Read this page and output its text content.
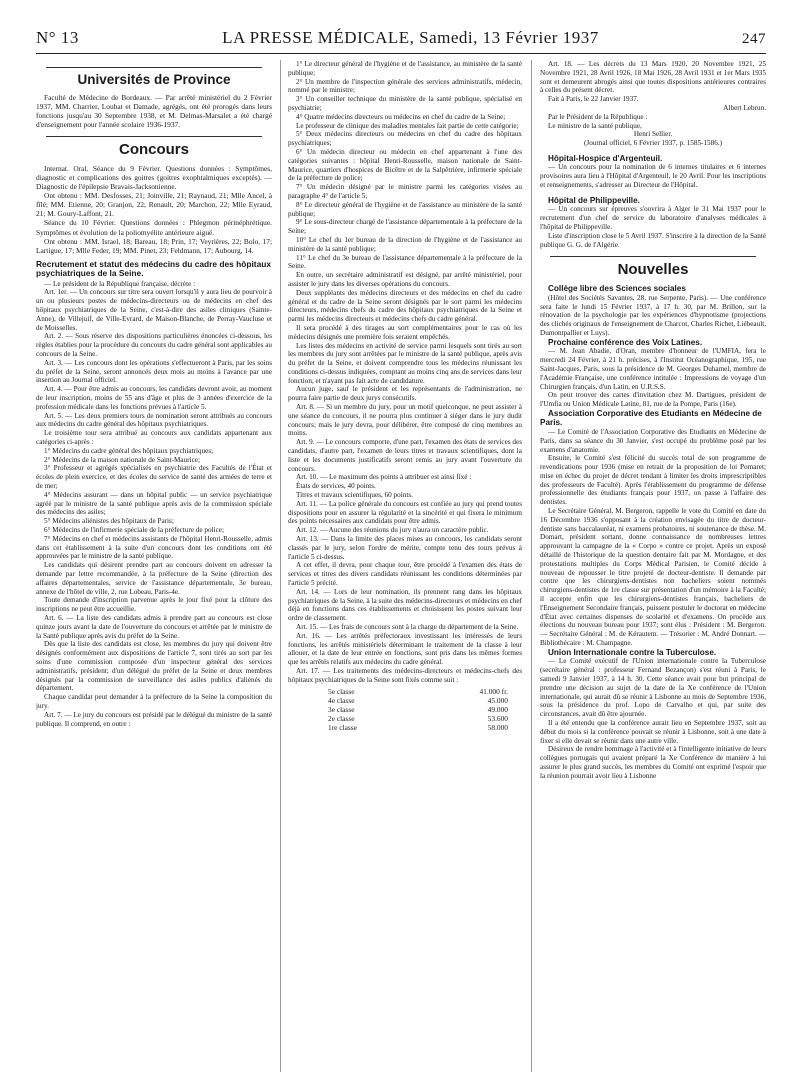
N° 13	LA PRESSE MÉDICALE, Samedi, 13 Février 1937	247
Universités de Province

Faculté de Médecine de Bordeaux. — Par arrêté ministériel du 2 Février 1937, MM. Charrier, Loubat et Damade, agrégés, ont été prorogés dans leurs fonctions jusqu'au 30 Septembre 1938, et M. Delmas-Marsalet a été chargé d'enseignement pour l'année scolaire 1936-1937.

Concours

Internat. Oral. Séance du 9 Février. Questions données : Symptômes, diagnostic et complications des goitres (goitres exophtalmiques exceptés). — Diagnostic de l'épilepsie Bravais-Jacksonienne.

Ont obtenu : MM. Desfosses, 21; Joinville, 21; Raynaud, 21; Mlle Ancel, à fîlé; MM. Etienne, 20; Granjon, 22; Renault, 20; Marchon, 22; Mlle Eyraud, 21; M. Goury-Laffont, 21.

Séance du 10 Février. Questions données : Phlegmon périnéphrétique. Symptômes et évolution de la poliomyélite antérieure aiguë.

Ont obtenu : MM. Israel, 18; Bareau, 18; Prin, 17; Veyrières, 22; Bolo, 17; Lartigue, 17; Mlle Feder, 19; MM. Pinet, 23; Feldmann, 17; Aubourg, 14.

Recrutement et statut des médecins du cadre des hôpitaux psychiatriques de la Seine.

— Le président de la République française, décrète :

Art. 1er. — Un concours sur titre sera ouvert lorsqu'il y aura lieu de pourvoir à un ou plusieurs postes de médecins-directeurs ou de médecins en chef des hôpitaux psychiatriques de la Seine, c'est-à-dire des asiles cliniques (Sainte-Anne), de Villejuif, de Ville-Evrard, de Maison-Blanche, de Perray-Vaucluse et de Moisselles.

Art. 2. — Sous réserve des dispositions particulières énoncées ci-dessous, les règles établies pour la procédure du concours du cadre général sont applicables au concours de la Seine.

Art. 3. — Les concours dont les opérations s'effectueront à Paris, par les soins du préfet de la Seine, seront annoncés deux mois au moins à l'avance par une insertion au Journal officiel.

Art. 4. — Pour être admis au concours, les candidats devront avoir, au moment de leur inscription, moins de 55 ans d'âge et plus de 3 années d'exercice de la profession médicale dans les fonctions prévues à l'article 5.

Art. 5. — Les deux premiers tours de nomination seront attribués au concours aux médecins du cadre général des hôpitaux psychiatriques.

Le troisième tour sera attribué au concours aux candidats appartenant aux catégories ci-après :

1° Médecins du cadre général des hôpitaux psychiatriques;

2° Médecins de la maison nationale de Saint-Maurice;

3° Professeur et agrégés spécialisés en psychiatrie des Facultés de l'État et écoles de plein exercice, et des écoles du service de santé des armées de terre et de mer;

4° Médecins assurant — dans un hôpital public — un service psychiatrique agréé par le ministre de la santé publique après avis de la commission spéciale des médecins des asiles;

5° Médecins aliénistes des hôpitaux de Paris;

6° Médecins de l'infirmerie spéciale de la préfecture de police;

7° Médecins en chef et médecins assistants de l'hôpital Henri-Rousselle, admis dans cet établissement à la suite d'un concours dont les conditions ont été approuvées par le ministre de la santé publique.

Les candidats qui désirent prendre part au concours doivent en adresser la demande par lettre recommandée, à la préfecture de la Seine (direction des affaires départementales, service de l'assistance départementale, 3e bureau, annexe de l'hôtel de ville, 2, rue Lobeau, Paris-4e.

Toute demande d'inscription parvenue après le jour fixé pour la clôture des inscriptions ne peut être accueillie.

Art. 6. — La liste des candidats admis à prendre part au concours est close quinze jours avant la date de l'ouverture du concours et arrêtée par le ministre de la Santé publique après avis du préfet de la Seine.

Dès que la liste des candidats est close, les membres du jury qui doivent être désignés conformément aux dispositions de l'article 7, sont tirés au sort par les soins d'une commission composée d'un inspecteur général des services administratifs, président; d'un délégué du préfet de la Seine et deux membres désignés par la commission de surveillance des asiles publics d'aliénés du département.

Chaque candidat peut demander à la préfecture de la Seine la composition du jury.

Art. 7. — Le jury du concours est présidé par le délégué du ministre de la santé publique. Il comprend, en outre :

1° Le directeur général de l'hygiène et de l'assistance, au ministère de la santé publique;

2° Un membre de l'inspection générale des services administratifs, médecin, nommé par le ministre;

3° Un conseiller technique du ministère de la santé publique, spécialisé en psychiatrie;

4° Quatre médecins directeurs ou médecins en chef du cadre de la Seine;

Le professeur de clinique des maladies mentales fait partie de cette catégorie;

5° Deux médecins directeurs ou médecins en chef du cadre des hôpitaux psychiatriques;

6° Un médecin directeur ou médecin en chef appartenant à l'une des catégories suivantes : hôpital Henri-Rousselle, maison nationale de Saint-Maurice, quartiers d'hospices de Bicêtre et de la Salpêtrière, infirmerie spéciale de la préfecture de police;

7° Un médecin désigné par le ministre parmi les catégories visées au paragraphe 4° de l'article 5;

8° Le directeur général de l'hygiène et de l'assistance au ministère de la santé publique;

9° Le sous-directeur chargé de l'assistance départementale à la préfecture de la Seine;

10° Le chef du 1er bureau de la direction de l'hygiène et de l'assistance au ministère de la santé publique;

11° Le chef du 3e bureau de l'assistance départementale à la préfecture de la Seine.

En outre, un secrétaire administratif est désigné, par arrêté ministériel, pour assister le jury dans les diverses opérations du concours.

Deux suppléants des médecins directeurs et des médecins en chef du cadre général et du cadre de la Seine seront désignés par le sort parmi les médecins directeurs, médecins chefs du cadre des hôpitaux psychiatriques de la Seine et parmi les médecins directeurs et médecins chefs du cadre général.

Il sera procédé à des tirages au sort complémentaires pour le cas où les médecins désignés une première fois seraient empêchés.

Les listes des médecins en activité de service parmi lesquels sont tirés au sort les membres du jury sont arrêtées par le ministre de la santé publique, après avis du préfet de la Seine, et doivent comprendre tous les médecins réunissant les conditions ci-dessus indiquées, comptant au moins cinq ans de services dans leur fonction, et n'ayant pas fait acte de candidature.

Aucun juge, sauf le président et les représentants de l'administration, ne pourra faire partie de deux jurys consécutifs.

Art. 8. — Si un membre du jury, pour un motif quelconque, ne peut assister à une séance du concours, il ne pourra plus continuer à siéger dans le jury dudit concours; mais le jury devra, pour délibérer, être composé de cinq membres au moins.

Art. 9. — Le concours comporte, d'une part, l'examen des états de services des candidats, d'autre part, l'examen de leurs titres et travaux scientifiques, dont la liste et les documents justificatifs seront remis au jury avant l'ouverture du concours.

Art. 10. — Le maximum des points à attribuer est ainsi fixé :

États de services, 40 points.

Titres et travaux scientifiques, 60 points.

Art. 11. — La police générale du concours est confiée au jury qui prend toutes dispositions pour en assurer la régularité et la sincérité et qui fixera le minimum des points nécessaires aux candidats pour être admis.

Art. 12. — Aucune des réunions du jury n'aura un caractère public.

Art. 13. — Dans la limite des places mises au concours, les candidats seront classés par le jury, selon l'ordre de mérite, compte tenu des tours prévus à l'article 5 ci-dessus.

A cet effet, il devra, pour chaque tour, être procédé à l'examen des états de services et titres des divers candidats réunissant les conditions déterminées par l'article 5 précité.

Art. 14. — Lors de leur nomination, ils prennent rang dans les hôpitaux psychiatriques de la Seine, à la suite des médecins-directeurs et médecins en chef déjà en fonctions dans ces établissements et choisissent les postes suivant leur ordre de classement.

Art. 15. — Les frais de concours sont à la charge du département de la Seine.

Art. 16. — Les arrêtés préfectoraux investissant les intéressés de leurs fonctions, les arrêtés ministériels déterminant le traitement de la classe à leur allouer, et la date de leur entrée en fonctions, sont pris dans les mêmes formes que les arrêtés relatifs aux médecins du cadre général.

Art. 17. — Les traitements des médecins-directeurs et médecins-chefs des hôpitaux psychiatriques de la Seine sont fixés comme suit :

5e classe	41.000 fr.
4e classe	45.000
3e classe	49.000
2e classe	53.600
1re classe	58.000

Art. 18. — Les décrets du 13 Mars 1920, 20 Novembre 1921, 25 Novembre 1921, 28 Avril 1926, 18 Mai 1926, 28 Avril 1931 et 1er Mars 1935 sont et demeurent abrogés ainsi que toutes dispositions antérieures contraires à celles du présent décret.

Fait à Paris, le 22 Janvier 1937.

Albert Lebrun.

Par le Président de la République :

Le ministre de la santé publique,

Henri Sellier.

(Journal officiel, 6 Février 1937, p. 1585-1586.)

Hôpital-Hospice d'Argenteuil.

— Un concours pour la nomination de 6 internes titulaires et 6 internes provisoires aura lieu à l'Hôpital d'Argenteuil, le 20 Avril. Pour les inscriptions et renseignements, s'adresser au Directeur de l'Hôpital.

Hôpital de Philippeville.

— Un concours sur épreuves s'ouvrira à Alger le 31 Mai 1937 pour le recrutement d'un chef de service du laboratoire d'analyses médicales à l'hôpital de Philippeville.

Liste d'inscription close le 5 Avril 1937. S'inscrire à la direction de la Santé publique G. G. de l'Algérie.

Nouvelles
Collège libre des Sciences sociales

(Hôtel des Sociétés Savantes, 28, rue Serpente, Paris). — Une conférence sera faite le lundi 15 Février 1937, à 17 h. 30, par M. Brillon, sur la rénovation de la psychologie par les expériences d'hypnotisme (projections des clichés originaux de l'enseignement de Charcot, Charles Richet, Liébeault, Dumontpallier et Luys).

Prochaine conférence des Voix Latines.

— M. Jean Abadie, d'Oran, membre d'honneur de l'UMFIA, fera le mercredi 24 Février, à 21 h. précises, à l'Institut Océanographique, 195, rue Saint-Jacques, Paris, sous la présidence de M. Georges Duhamel, membre de l'Académie Française, une conférence intitulée : Impressions de voyage d'un Chirurgien français, d'un Latin, en U.R.S.S.

On peut trouver des cartes d'invitation chez M. Dartigues, président de l'Umfia ou Union Médicale Latine, 81, rue de la Pompe, Paris (16e).

Association Corporative des Etudiants en Médecine de Paris.

— Le Comité de l'Association Corporative des Etudiants en Médecine de Paris, dans sa séance du 30 Janvier, s'est occupé du problème posé par les examens d'anatomie.

Ensuite, le Comité s'est félicité du succès total de son programme de revendications pour 1936 (mise en retrait de la proposition de loi Pomaret; mise en échec du projet de décret tendant à limiter les droits imprescriptibles des professeurs de Faculté). Après l'établissement du programme de défense professionnelle des étudiants français pour 1937, on passe à l'affaire des dentistes.

Le Secrétaire Général, M. Bergeron, rappelle le vote du Comité en date du 16 Décembre 1936 s'opposant à la création envisagée du titre de docteur-dentiste sans baccalauréat, ni examens probatoires, ni soutenance de thèse. M. Domart, président sortant, donne connaissance de nombreuses lettres approuvant la campagne de la « Corpo » contre ce projet. Après un exposé détaillé de l'historique de la question dentaire fait par M. Mordagne, et des protestations multiples du Corps Médical Parisien, le Comité décide à nouveau de repousser le titre projeté de docteur-dentiste. Il demande par contre que les chirurgiens-dentistes non bacheliers soient nommés chirurgiens-dentistes de 1re classe sur présentation d'un mémoire à la Faculté; il accepte enfin que les chirurgiens-dentistes français, bacheliers de l'Enseignement Secondaire français, puissent postuler le doctorat en médecine d'État avec certaines dispenses de scolarité et d'examens. On procède aux élections du nouveau bureau pour 1937; sont élus : Président : M. Bergeron. — Secrétaire Général : M. de Kérautem. — Trésorier : M. André Donnart. — Bibliothécaire : M. Champagne.

Union Internationale contre la Tuberculose.

— Le Comité exécutif de l'Union internationale contre la Tuberculose (secrétaire général : professeur Fernand Bezançon) s'est réuni à Paris, le samedi 9 Janvier 1937, à 14 h. 30. Cette séance avait pour but principal de prendre une décision au sujet de la date de la Xe conférence de l'Union internationale, qui aurait dû se réunir à Lisbonne au mois de Septembre 1936, sous la présidence du prof. Lopo de Carvalho et qui, par suite des circonstances, avait dû être ajournée.

Il a été entendu que la conférence aurait lieu en Septembre 1937, soit au début du mois si la conférence pouvait se réunir à Lisbonne, soit à une date à fixer si elle devait se réunir dans une autre ville.

Désireux de rendre hommage à l'activité et à l'intelligente initiative de leurs collègues portugais qui avaient préparé la Xe Conférence de manière à lui assurer le plus grand succès, les membres du Comité ont exprimé l'espoir que la réunion pourrait avoir lieu à Lisbonne
